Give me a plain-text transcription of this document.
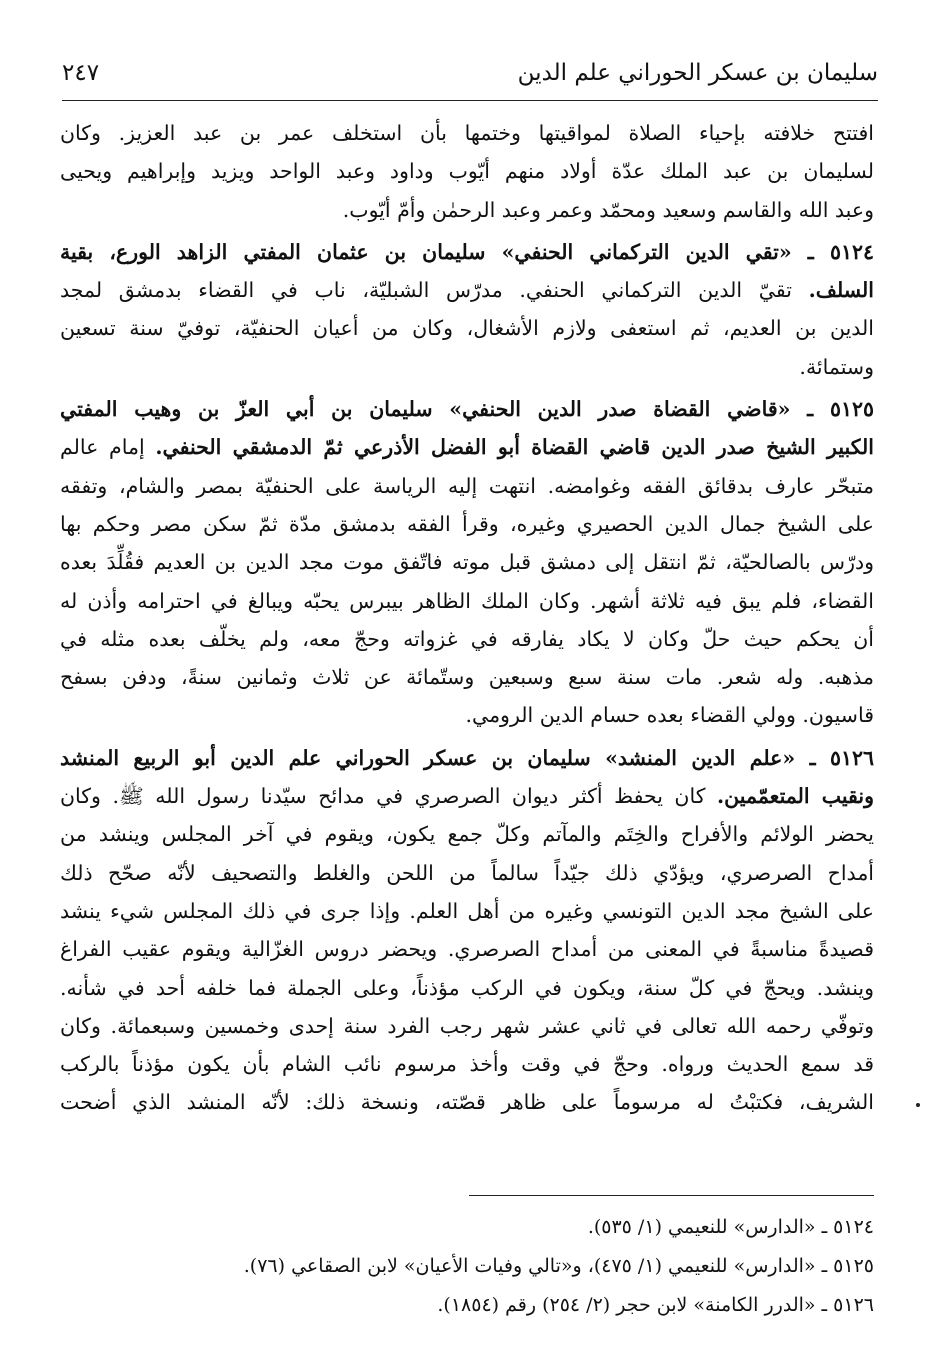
سليمان بن عسكر الحوراني علم الدين
٢٤٧

افتتح خلافته بإحياء الصلاة لمواقيتها وختمها بأن استخلف عمر بن عبد العزيز. وكان

لسليمان بن عبد الملك عدّة أولاد منهم أيّوب وداود وعبد الواحد ويزيد وإبراهيم ويحيى

وعبد الله والقاسم وسعيد ومحمّد وعمر وعبد الرحمٰن وأمّ أيّوب.

٥١٢٤ ـ «تقي الدين التركماني الحنفي» سليمان بن عثمان المفتي الزاهد الورع، بقية

السلف. تقيّ الدين التركماني الحنفي. مدرّس الشبليّة، ناب في القضاء بدمشق لمجد

الدين بن العديم، ثم استعفى ولازم الأشغال، وكان من أعيان الحنفيّة، توفيّ سنة تسعين

وستمائة.

٥١٢٥ ـ «قاضي القضاة صدر الدين الحنفي» سليمان بن أبي العزّ بن وهيب المفتي

الكبير الشيخ صدر الدين قاضي القضاة أبو الفضل الأذرعي ثمّ الدمشقي الحنفي. إمام عالم

متبحّر عارف بدقائق الفقه وغوامضه. انتهت إليه الرياسة على الحنفيّة بمصر والشام، وتفقه

على الشيخ جمال الدين الحصيري وغيره، وقرأ الفقه بدمشق مدّة ثمّ سكن مصر وحكم بها

ودرّس بالصالحيّة، ثمّ انتقل إلى دمشق قبل موته فاتّفق موت مجد الدين بن العديم فقُلِّدَ بعده

القضاء، فلم يبق فيه ثلاثة أشهر. وكان الملك الظاهر بيبرس يحبّه ويبالغ في احترامه وأذن له

أن يحكم حيث حلّ وكان لا يكاد يفارقه في غزواته وحجّ معه، ولم يخلّف بعده مثله في

مذهبه. وله شعر. مات سنة سبع وسبعين وستّمائة عن ثلاث وثمانين سنةً، ودفن بسفح

قاسيون. وولي القضاء بعده حسام الدين الرومي.

٥١٢٦ ـ «علم الدين المنشد» سليمان بن عسكر الحوراني علم الدين أبو الربيع المنشد

ونقيب المتعمّمين. كان يحفظ أكثر ديوان الصرصري في مدائح سيّدنا رسول الله ﷺ. وكان

يحضر الولائم والأفراح والخِتَم والمآتم وكلّ جمع يكون، ويقوم في آخر المجلس وينشد من

أمداح الصرصري، ويؤدّي ذلك جيّداً سالماً من اللحن والغلط والتصحيف لأنّه صحّح ذلك

على الشيخ مجد الدين التونسي وغيره من أهل العلم. وإذا جرى في ذلك المجلس شيء ينشد

قصيدةً مناسبةً في المعنى من أمداح الصرصري. ويحضر دروس الغزّالية ويقوم عقيب الفراغ

وينشد. ويحجّ في كلّ سنة، ويكون في الركب مؤذناً، وعلى الجملة فما خلفه أحد في شأنه.

وتوفّي رحمه الله تعالى في ثاني عشر شهر رجب الفرد سنة إحدى وخمسين وسبعمائة. وكان

قد سمع الحديث ورواه. وحجّ في وقت وأخذ مرسوم نائب الشام بأن يكون مؤذناً بالركب

الشريف، فكتبْتُ له مرسوماً على ظاهر قصّته، ونسخة ذلك: لأنّه المنشد الذي أضحت

٥١٢٤ ـ «الدارس» للنعيمي (١/ ٥٣٥).

٥١٢٥ ـ «الدارس» للنعيمي (١/ ٤٧٥)، و«تالي وفيات الأعيان» لابن الصقاعي (٧٦).

٥١٢٦ ـ «الدرر الكامنة» لابن حجر (٢/ ٢٥٤) رقم (١٨٥٤).
